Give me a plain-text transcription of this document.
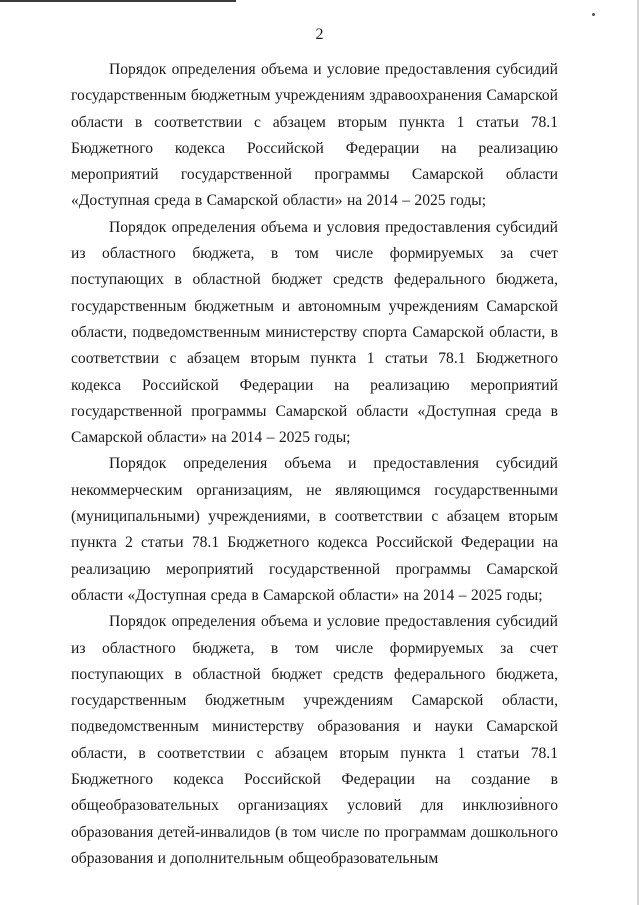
2

Порядок определения объема и условие предоставления субсидий государственным бюджетным учреждениям здравоохранения Самарской области в соответствии с абзацем вторым пункта 1 статьи 78.1 Бюджетного кодекса Российской Федерации на реализацию мероприятий государственной программы Самарской области «Доступная среда в Самарской области» на 2014 – 2025 годы;

Порядок определения объема и условия предоставления субсидий из областного бюджета, в том числе формируемых за счет поступающих в областной бюджет средств федерального бюджета, государственным бюджетным и автономным учреждениям Самарской области, подведомственным министерству спорта Самарской области, в соответствии с абзацем вторым пункта 1 статьи 78.1 Бюджетного кодекса Российской Федерации на реализацию мероприятий государственной программы Самарской области «Доступная среда в Самарской области» на 2014 – 2025 годы;

Порядок определения объема и предоставления субсидий некоммерческим организациям, не являющимся государственными (муниципальными) учреждениями, в соответствии с абзацем вторым пункта 2 статьи 78.1 Бюджетного кодекса Российской Федерации на реализацию мероприятий государственной программы Самарской области «Доступная среда в Самарской области» на 2014 – 2025 годы;

Порядок определения объема и условие предоставления субсидий из областного бюджета, в том числе формируемых за счет поступающих в областной бюджет средств федерального бюджета, государственным бюджетным учреждениям Самарской области, подведомственным министерству образования и науки Самарской области, в соответствии с абзацем вторым пункта 1 статьи 78.1 Бюджетного кодекса Российской Федерации на создание в общеобразовательных организациях условий для инклюзивного образования детей-инвалидов (в том числе по программам дошкольного образования и дополнительным общеобразовательным
